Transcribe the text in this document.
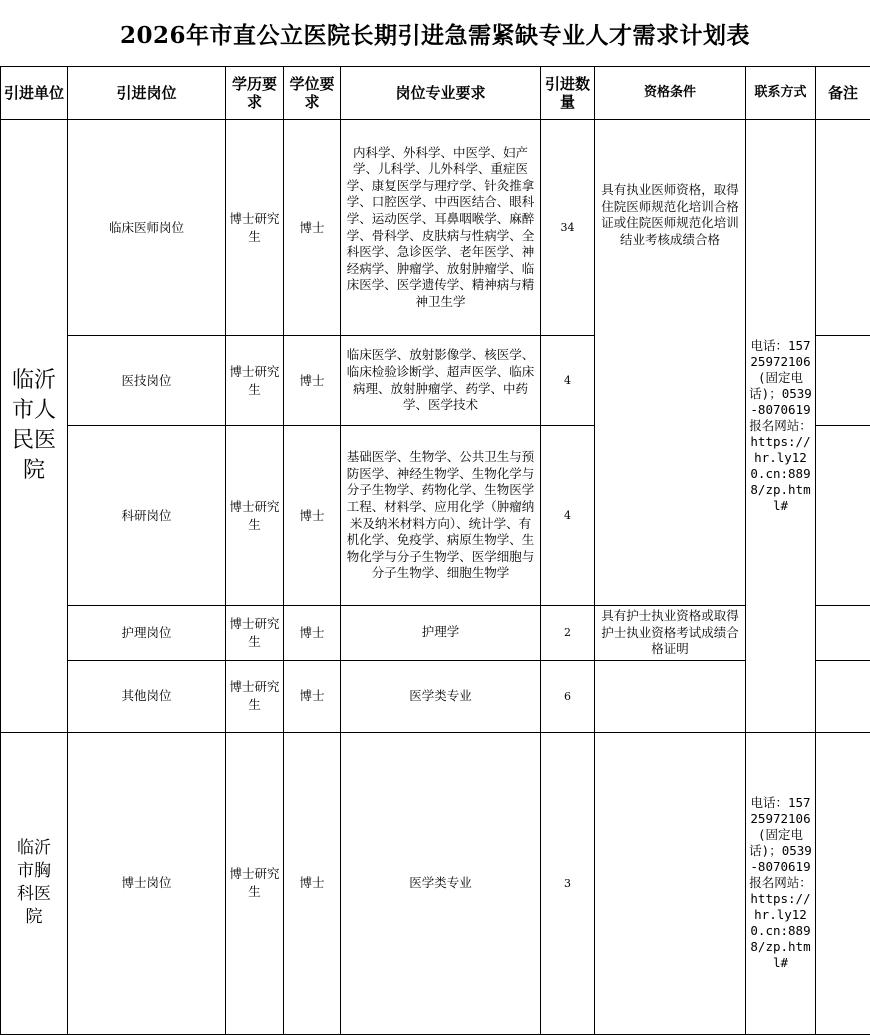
2026年市直公立医院长期引进急需紧缺专业人才需求计划表
引进单位	引进岗位	学历要求	学位要求	岗位专业要求	引进数量	资格条件	联系方式	备注
临沂市人民医院	临床医师岗位	博士研究生	博士	内科学、外科学、中医学、妇产学、儿科学、儿外科学、重症医学、康复医学与理疗学、针灸推拿学、口腔医学、中西医结合、眼科学、运动医学、耳鼻咽喉学、麻醉学、骨科学、皮肤病与性病学、全科医学、急诊医学、老年医学、神经病学、肿瘤学、放射肿瘤学、临床医学、医学遗传学、精神病与精神卫生学	34	具有执业医师资格，取得住院医师规范化培训合格证或住院医师规范化培训结业考核成绩合格	电话：15725972106(固定电话)；0539-8070619报名网站：https://hr.ly120.cn:8898/zp.html#	
	医技岗位	博士研究生	博士	临床医学、放射影像学、核医学、临床检验诊断学、超声医学、临床病理、放射肿瘤学、药学、中药学、医学技术	4			
	科研岗位	博士研究生	博士	基础医学、生物学、公共卫生与预防医学、神经生物学、生物化学与分子生物学、药物化学、生物医学工程、材料学、应用化学（肿瘤纳米及纳米材料方向）、统计学、有机化学、免疫学、病原生物学、生物化学与分子生物学、医学细胞与分子生物学、细胞生物学	4			
	护理岗位	博士研究生	博士	护理学	2	具有护士执业资格或取得护士执业资格考试成绩合格证明		
	其他岗位	博士研究生	博士	医学类专业	6			
临沂市胸科医院	博士岗位	博士研究生	博士	医学类专业	3		电话：15725972106(固定电话)；0539-8070619报名网站：https://hr.ly120.cn:8898/zp.html#	
